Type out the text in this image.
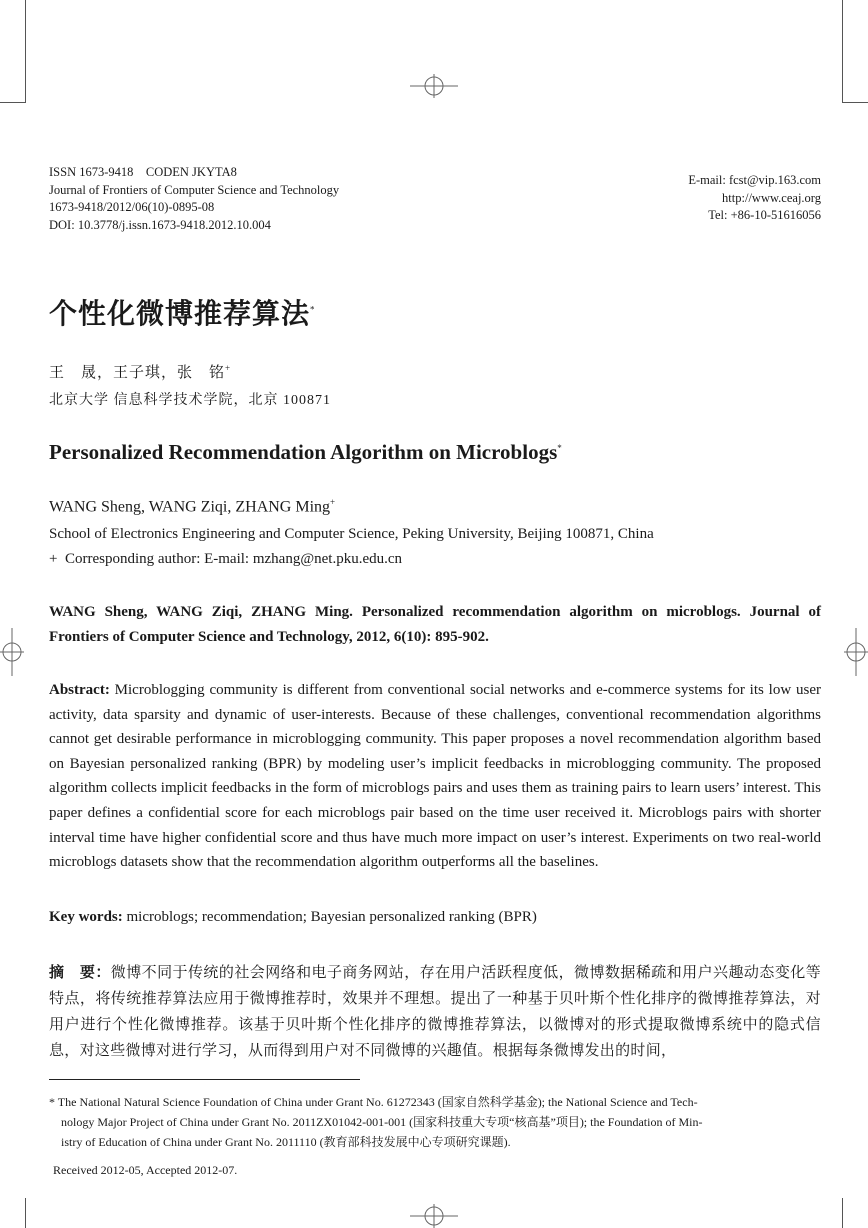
ISSN 1673-9418    CODEN JKYTA8
Journal of Frontiers of Computer Science and Technology
1673-9418/2012/06(10)-0895-08
DOI: 10.3778/j.issn.1673-9418.2012.10.004
E-mail: fcst@vip.163.com
http://www.ceaj.org
Tel: +86-10-51616056
个性化微博推荐算法*
王　晟，王子琪，张　铭+
北京大学 信息科学技术学院，北京 100871
Personalized Recommendation Algorithm on Microblogs*
WANG Sheng, WANG Ziqi, ZHANG Ming+
School of Electronics Engineering and Computer Science, Peking University, Beijing 100871, China
+  Corresponding author: E-mail: mzhang@net.pku.edu.cn
WANG Sheng, WANG Ziqi, ZHANG Ming. Personalized recommendation algorithm on microblogs. Journal of Frontiers of Computer Science and Technology, 2012, 6(10): 895-902.
Abstract: Microblogging community is different from conventional social networks and e-commerce systems for its low user activity, data sparsity and dynamic of user-interests. Because of these challenges, conventional recommendation algorithms cannot get desirable performance in microblogging community. This paper proposes a novel recommendation algorithm based on Bayesian personalized ranking (BPR) by modeling user’s implicit feedbacks in microblogging community. The proposed algorithm collects implicit feedbacks in the form of microblogs pairs and uses them as training pairs to learn users’ interest. This paper defines a confidential score for each microblogs pair based on the time user received it. Microblogs pairs with shorter interval time have higher confidential score and thus have much more impact on user’s interest. Experiments on two real-world microblogs datasets show that the recommendation algorithm outperforms all the baselines.
Key words: microblogs; recommendation; Bayesian personalized ranking (BPR)
摘　要：微博不同于传统的社会网络和电子商务网站，存在用户活跃程度低，微博数据稀疏和用户兴趣动态变化等特点，将传统推荐算法应用于微博推荐时，效果并不理想。提出了一种基于贝叶斯个性化排序的微博推荐算法，对用户进行个性化微博推荐。该基于贝叶斯个性化排序的微博推荐算法，以微博对的形式提取微博系统中的隐式信息，对这些微博对进行学习，从而得到用户对不同微博的兴趣值。根据每条微博发出的时间，
* The National Natural Science Foundation of China under Grant No. 61272343 (国家自然科学基金); the National Science and Tech-
nology Major Project of China under Grant No. 2011ZX01042-001-001 (国家科技重大专项“核高基”项目); the Foundation of Min-
istry of Education of China under Grant No. 2011110 (教育部科技发展中心专项研究课题).
Received 2012-05, Accepted 2012-07.
